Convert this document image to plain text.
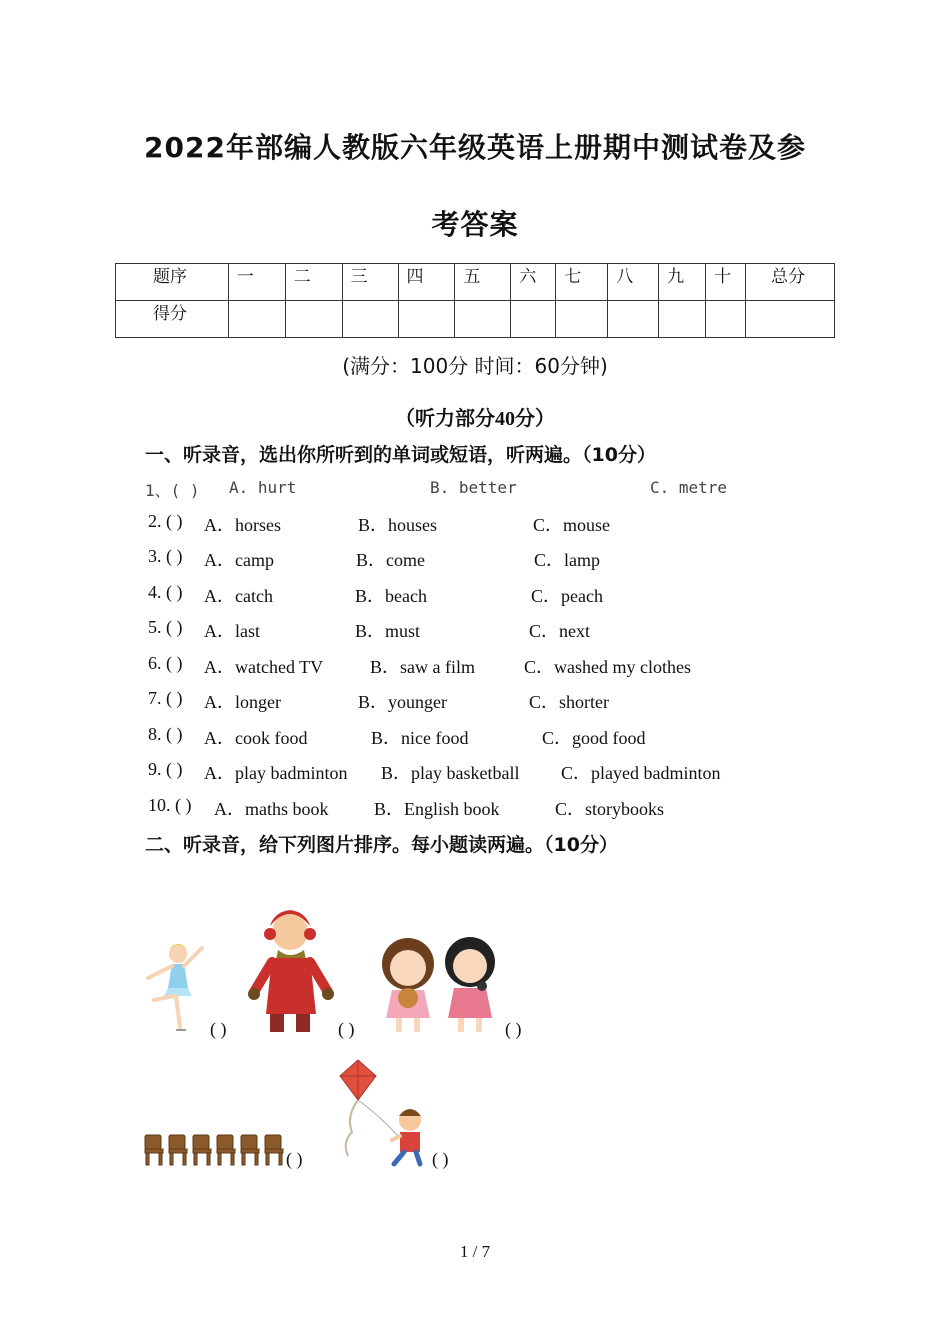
2022年部编人教版六年级英语上册期中测试卷及参
考答案
题序	一	二	三	四	五	六	七	八	九	十	总分
得分											
(满分：100分 时间：60分钟)
（听力部分40分）
一、听录音，选出你所听到的单词或短语，听两遍。（10分）
1、( ) A. hurt	B. better	C. metre
2. ( ) A．horses	B．houses	C．mouse
3. ( ) A．camp	B．come	C．lamp
4. ( ) A．catch	B．beach	C．peach
5. ( ) A．last	B．must	C．next
6. ( ) A．watched TV	B．saw a film	C．washed my clothes
7. ( ) A．longer	B．younger	C．shorter
8. ( ) A．cook food	B．nice food	C．good food
9. ( ) A．play badminton B．play basketball C．played badminton
10. ( ) A．maths book	B．English book	C．storybooks
二、听录音，给下列图片排序。每小题读两遍。（10分）
( )	( )	( )
( )	( )
1 / 7
